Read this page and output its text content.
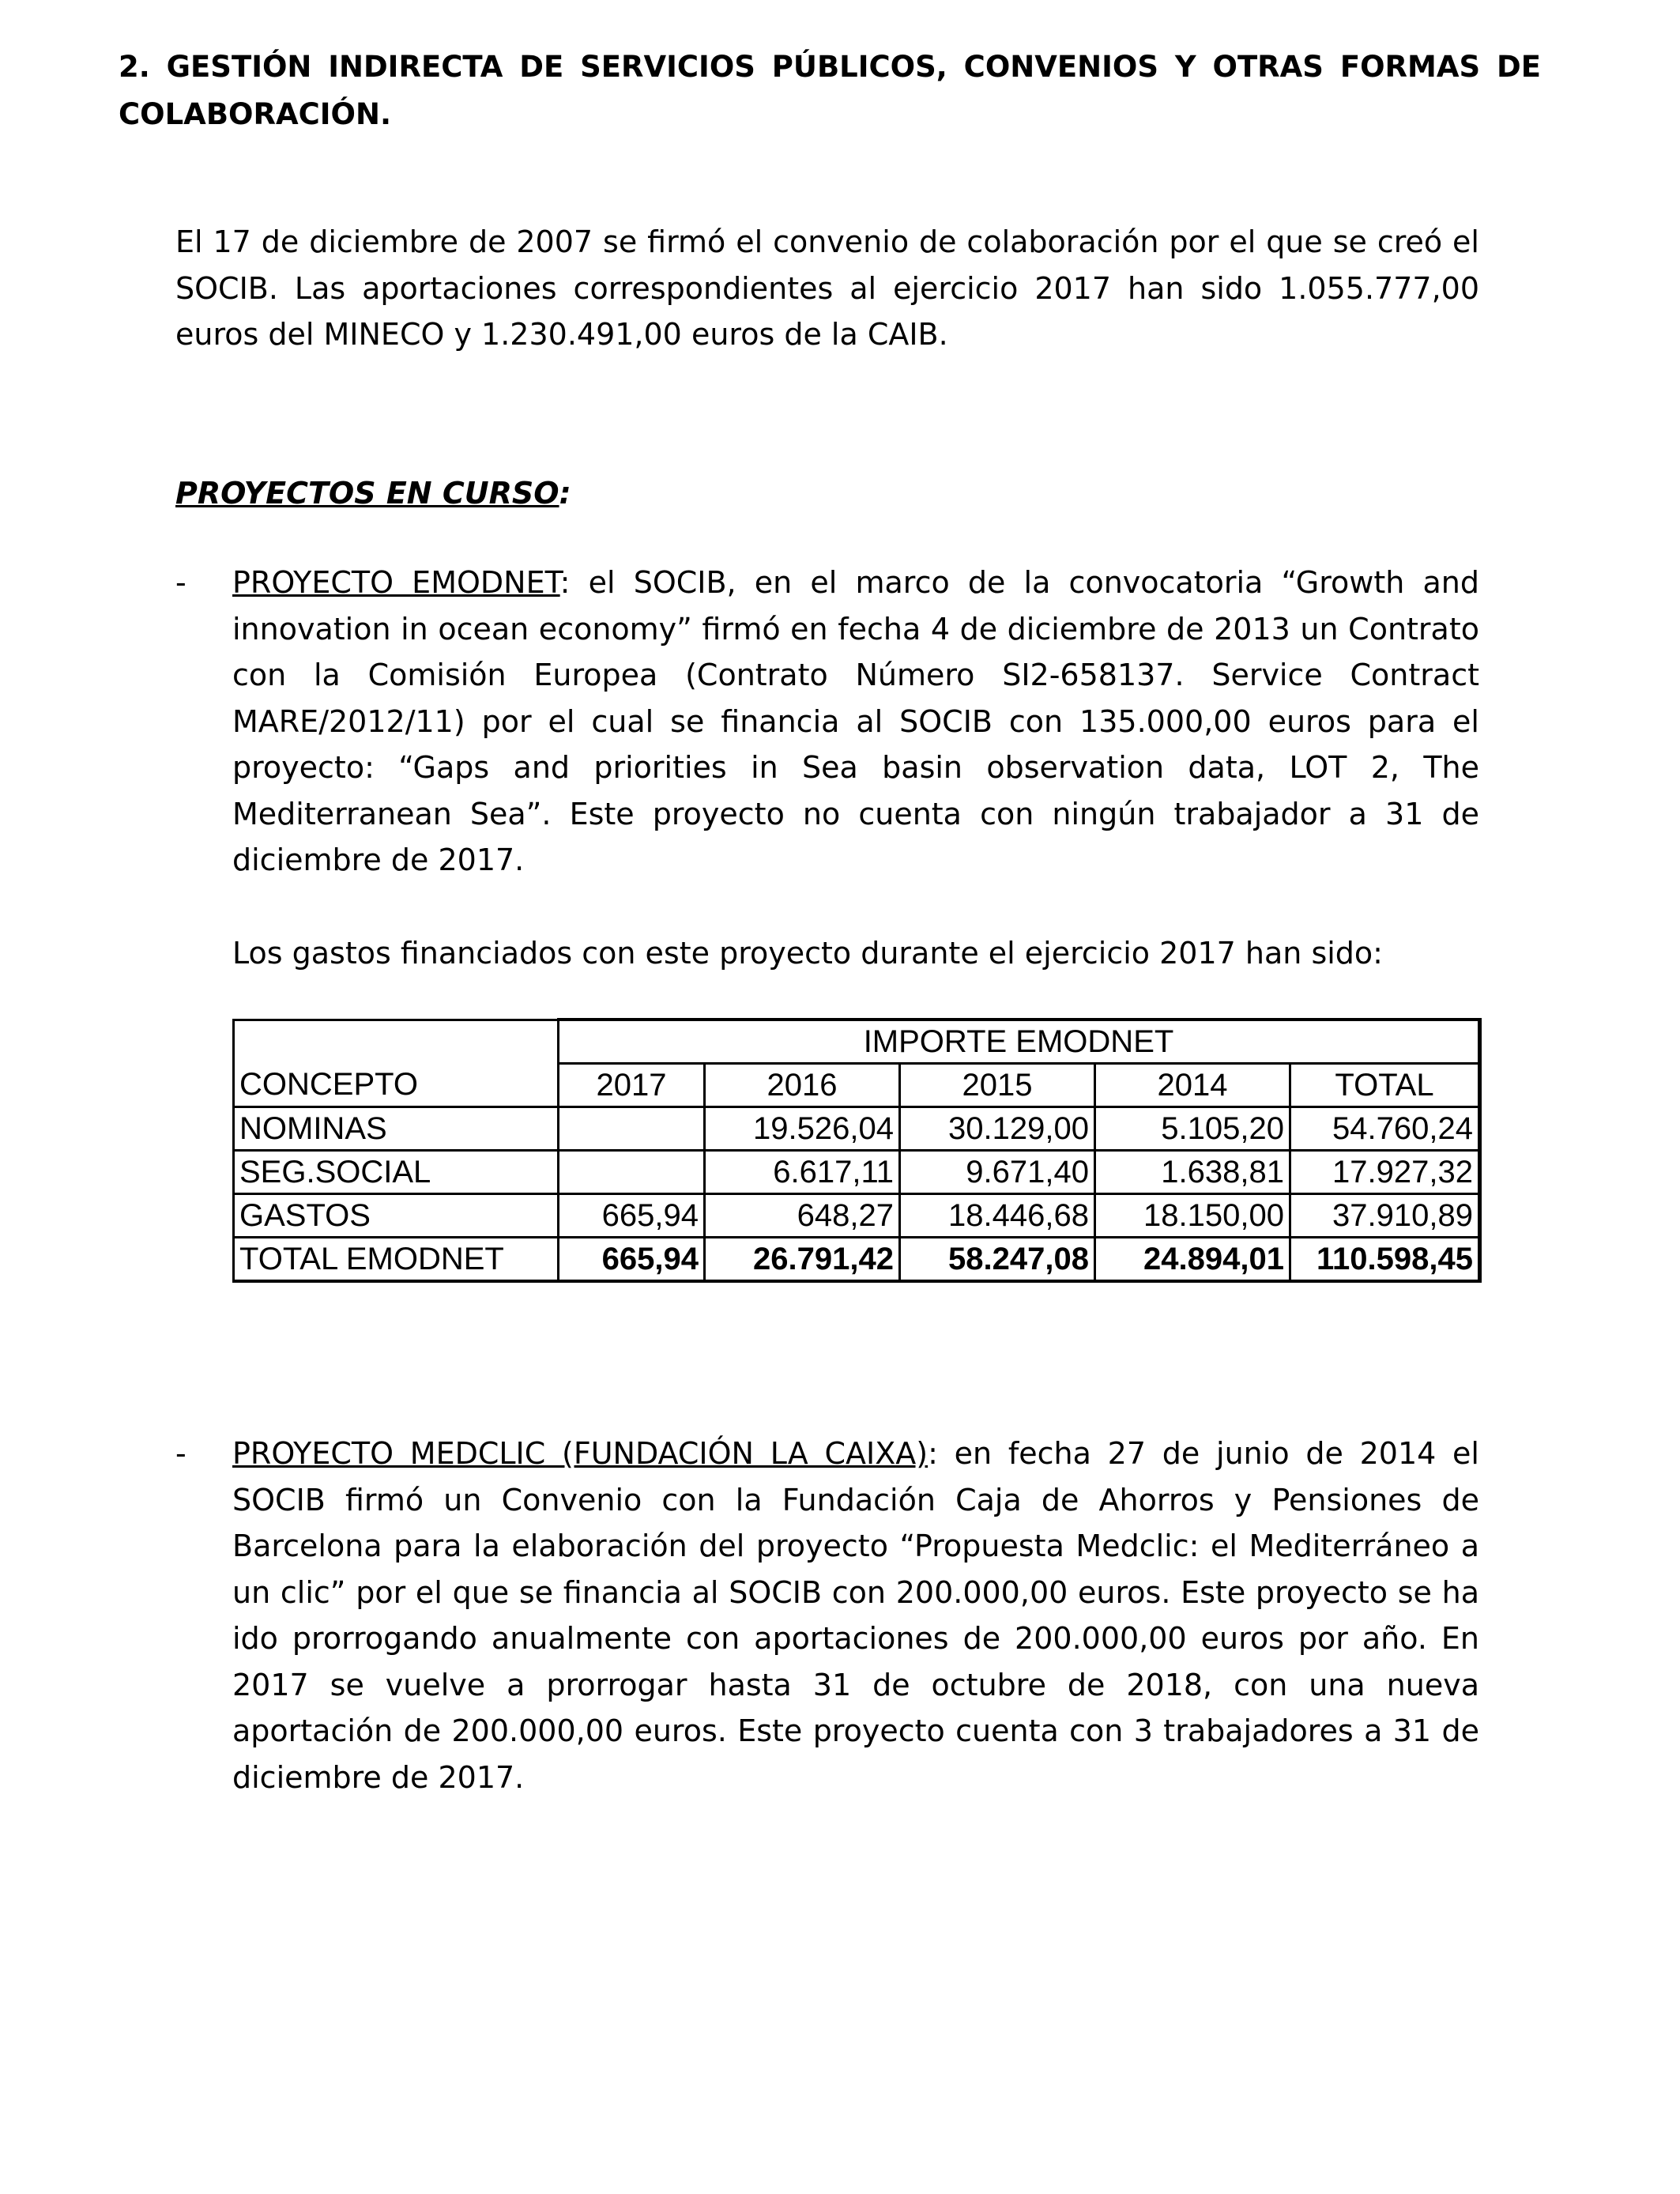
2. GESTIÓN INDIRECTA DE SERVICIOS PÚBLICOS, CONVENIOS Y OTRAS FORMAS DE COLABORACIÓN.
El 17 de diciembre de 2007 se firmó el convenio de colaboración por el que se creó el SOCIB. Las aportaciones correspondientes al ejercicio 2017 han sido 1.055.777,00 euros del MINECO y 1.230.491,00 euros de la CAIB.
PROYECTOS EN CURSO:
- PROYECTO EMODNET: el SOCIB, en el marco de la convocatoria “Growth and innovation in ocean economy” firmó en fecha 4 de diciembre de 2013 un Contrato con la Comisión Europea (Contrato Número SI2-658137. Service Contract MARE/2012/11) por el cual se financia al SOCIB con 135.000,00 euros para el proyecto: “Gaps and priorities in Sea basin observation data, LOT 2, The Mediterranean Sea”. Este proyecto no cuenta con ningún trabajador a 31 de diciembre de 2017.
Los gastos financiados con este proyecto durante el ejercicio 2017 han sido:
	IMPORTE EMODNET				
CONCEPTO	2017	2016	2015	2014	TOTAL
NOMINAS		19.526,04	30.129,00	5.105,20	54.760,24
SEG.SOCIAL		6.617,11	9.671,40	1.638,81	17.927,32
GASTOS	665,94	648,27	18.446,68	18.150,00	37.910,89
TOTAL EMODNET	665,94	26.791,42	58.247,08	24.894,01	110.598,45
- PROYECTO MEDCLIC (FUNDACIÓN LA CAIXA): en fecha 27 de junio de 2014 el SOCIB firmó un Convenio con la Fundación Caja de Ahorros y Pensiones de Barcelona para la elaboración del proyecto “Propuesta Medclic: el Mediterráneo a un clic” por el que se financia al SOCIB con 200.000,00 euros. Este proyecto se ha ido prorrogando anualmente con aportaciones de 200.000,00 euros por año. En 2017 se vuelve a prorrogar hasta 31 de octubre de 2018, con una nueva aportación de 200.000,00 euros. Este proyecto cuenta con 3 trabajadores a 31 de diciembre de 2017.
